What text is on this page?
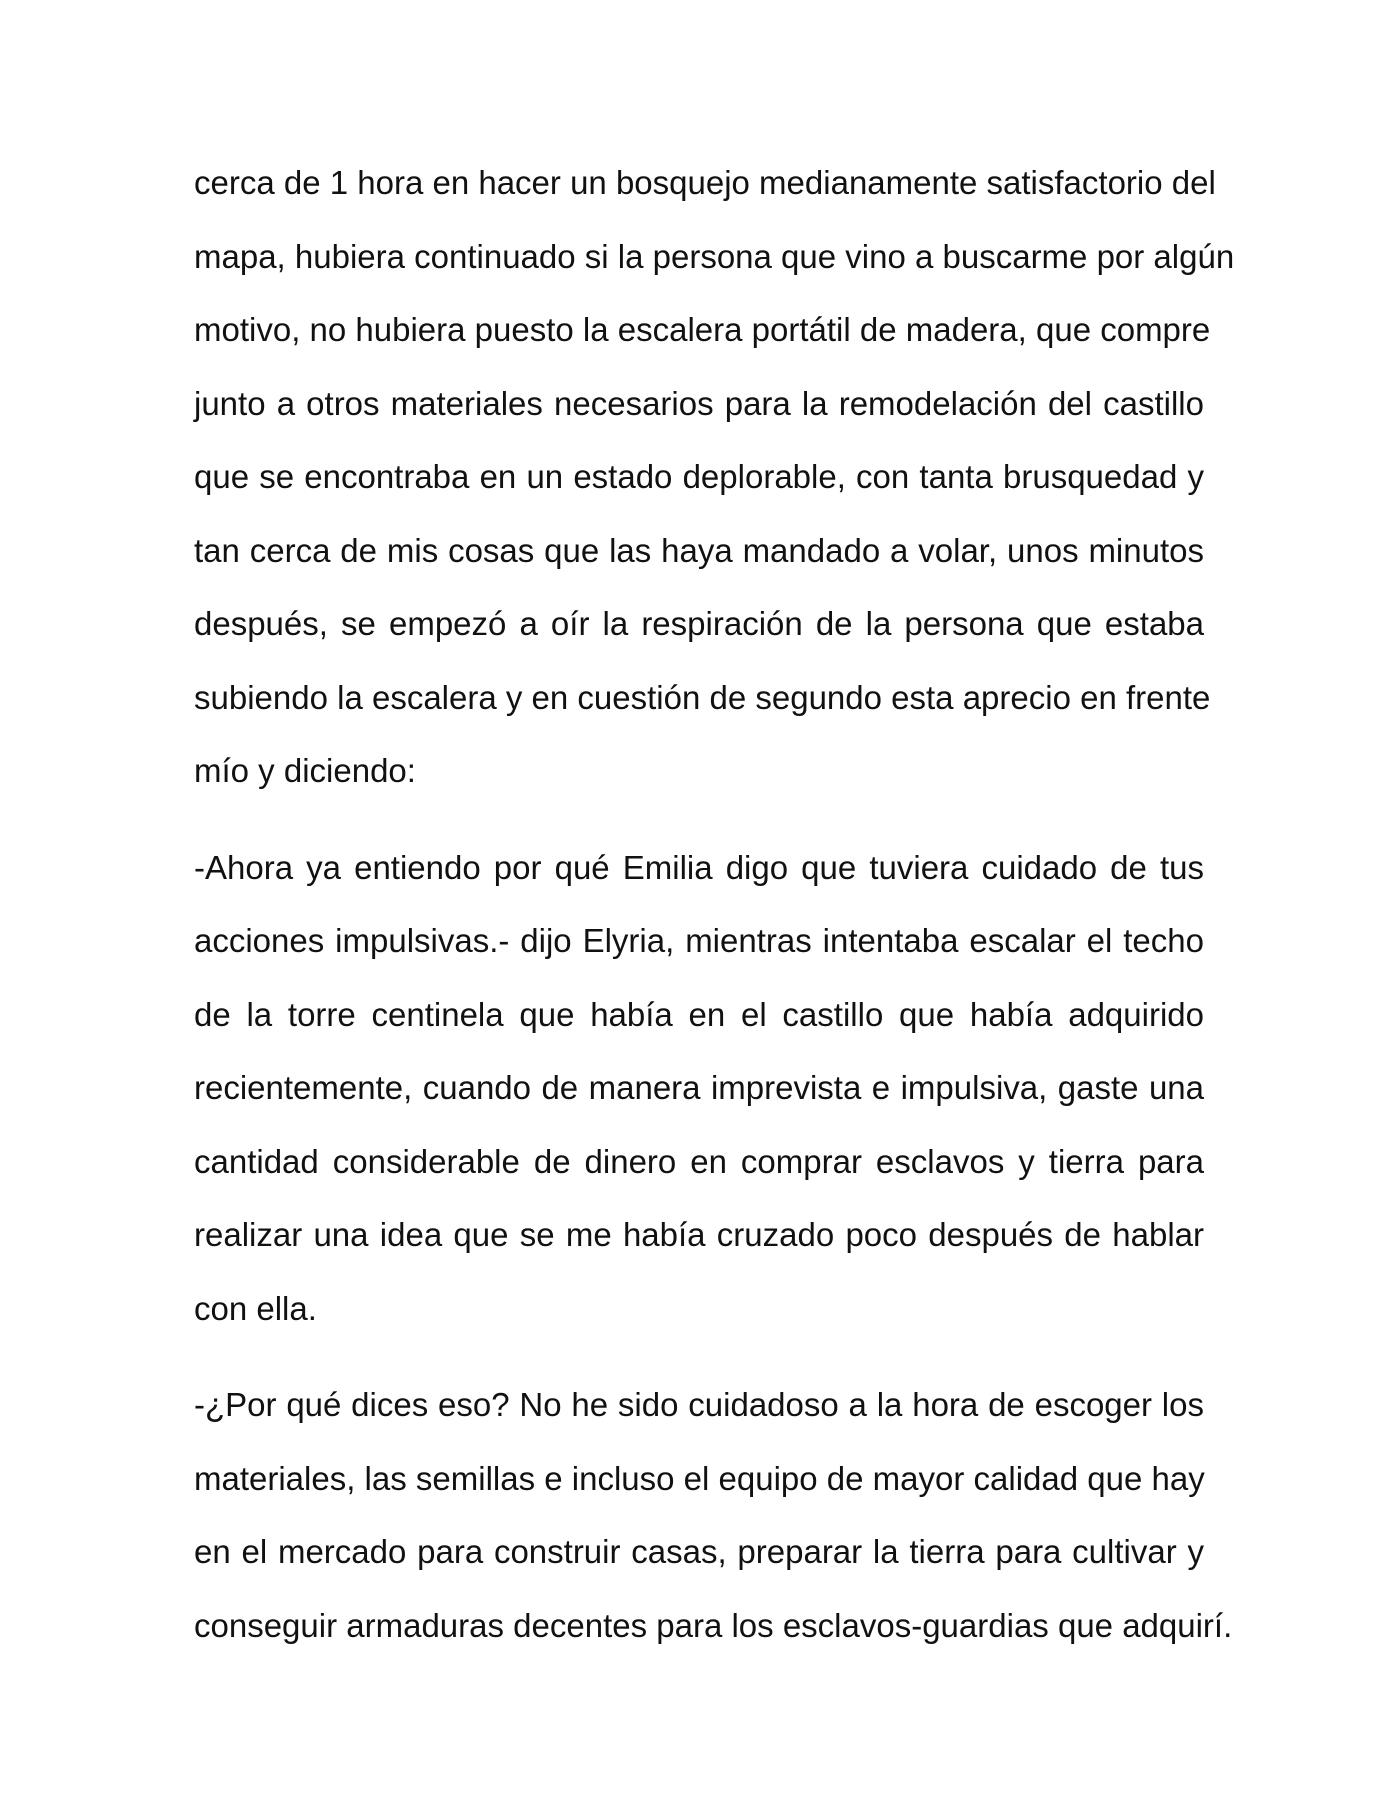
cerca de 1 hora en hacer un bosquejo medianamente satisfactorio del
mapa, hubiera continuado si la persona que vino a buscarme por algún
motivo, no hubiera puesto la escalera portátil de madera, que compre
junto a otros materiales necesarios para la remodelación del castillo
que se encontraba en un estado deplorable, con tanta brusquedad y
tan cerca de mis cosas que las haya mandado a volar, unos minutos
después, se empezó a oír la respiración de la persona que estaba
subiendo la escalera y en cuestión de segundo esta aprecio en frente
mío y diciendo:

-Ahora ya entiendo por qué Emilia digo que tuviera cuidado de tus
acciones impulsivas.- dijo Elyria, mientras intentaba escalar el techo
de la torre centinela que había en el castillo que había adquirido
recientemente, cuando de manera imprevista e impulsiva, gaste una
cantidad considerable de dinero en comprar esclavos y tierra para
realizar una idea que se me había cruzado poco después de hablar
con ella.

-¿Por qué dices eso? No he sido cuidadoso a la hora de escoger los
materiales, las semillas e incluso el equipo de mayor calidad que hay
en el mercado para construir casas, preparar la tierra para cultivar y
conseguir armaduras decentes para los esclavos-guardias que adquirí.
